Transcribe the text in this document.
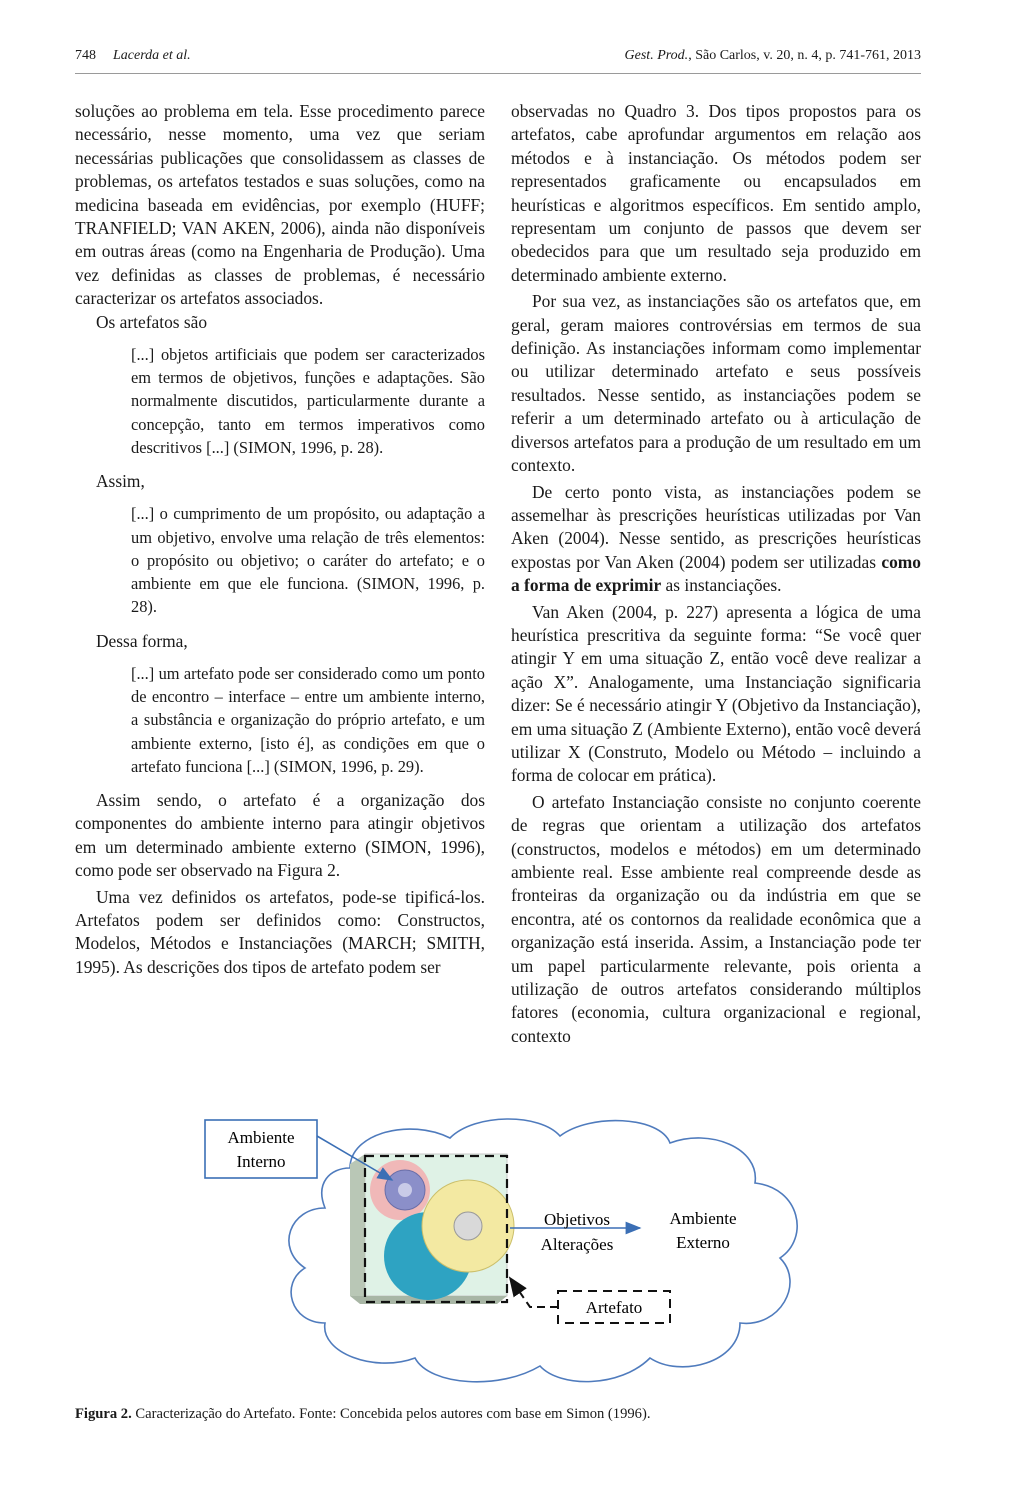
748 Lacerda et al.	Gest. Prod., São Carlos, v. 20, n. 4, p. 741-761, 2013

soluções ao problema em tela. Esse procedimento parece necessário, nesse momento, uma vez que seriam necessárias publicações que consolidassem as classes de problemas, os artefatos testados e suas soluções, como na medicina baseada em evidências, por exemplo (HUFF; TRANFIELD; VAN AKEN, 2006), ainda não disponíveis em outras áreas (como na Engenharia de Produção). Uma vez definidas as classes de problemas, é necessário caracterizar os artefatos associados.

Os artefatos são

[...] objetos artificiais que podem ser caracterizados em termos de objetivos, funções e adaptações. São normalmente discutidos, particularmente durante a concepção, tanto em termos imperativos como descritivos [...] (SIMON, 1996, p. 28).

Assim,

[...] o cumprimento de um propósito, ou adaptação a um objetivo, envolve uma relação de três elementos: o propósito ou objetivo; o caráter do artefato; e o ambiente em que ele funciona. (SIMON, 1996, p. 28).

Dessa forma,

[...] um artefato pode ser considerado como um ponto de encontro – interface – entre um ambiente interno, a substância e organização do próprio artefato, e um ambiente externo, [isto é], as condições em que o artefato funciona [...] (SIMON, 1996, p. 29).

Assim sendo, o artefato é a organização dos componentes do ambiente interno para atingir objetivos em um determinado ambiente externo (SIMON, 1996), como pode ser observado na Figura 2.

Uma vez definidos os artefatos, pode-se tipificá-los. Artefatos podem ser definidos como: Constructos, Modelos, Métodos e Instanciações (MARCH; SMITH, 1995). As descrições dos tipos de artefato podem ser

observadas no Quadro 3. Dos tipos propostos para os artefatos, cabe aprofundar argumentos em relação aos métodos e à instanciação. Os métodos podem ser representados graficamente ou encapsulados em heurísticas e algoritmos específicos. Em sentido amplo, representam um conjunto de passos que devem ser obedecidos para que um resultado seja produzido em determinado ambiente externo.

Por sua vez, as instanciações são os artefatos que, em geral, geram maiores controvérsias em termos de sua definição. As instanciações informam como implementar ou utilizar determinado artefato e seus possíveis resultados. Nesse sentido, as instanciações podem se referir a um determinado artefato ou à articulação de diversos artefatos para a produção de um resultado em um contexto.

De certo ponto vista, as instanciações podem se assemelhar às prescrições heurísticas utilizadas por Van Aken (2004). Nesse sentido, as prescrições heurísticas expostas por Van Aken (2004) podem ser utilizadas como a forma de exprimir as instanciações.

Van Aken (2004, p. 227) apresenta a lógica de uma heurística prescritiva da seguinte forma: “Se você quer atingir Y em uma situação Z, então você deve realizar a ação X”. Analogamente, uma Instanciação significaria dizer: Se é necessário atingir Y (Objetivo da Instanciação), em uma situação Z (Ambiente Externo), então você deverá utilizar X (Construto, Modelo ou Método – incluindo a forma de colocar em prática).

O artefato Instanciação consiste no conjunto coerente de regras que orientam a utilização dos artefatos (constructos, modelos e métodos) em um determinado ambiente real. Esse ambiente real compreende desde as fronteiras da organização ou da indústria em que se encontra, até os contornos da realidade econômica que a organização está inserida. Assim, a Instanciação pode ter um papel particularmente relevante, pois orienta a utilização de outros artefatos considerando múltiplos fatores (economia, cultura organizacional e regional, contexto

Ambiente
Interno
Objetivos
Alterações
Ambiente
Externo
Artefato
Figura 2. Caracterização do Artefato. Fonte: Concebida pelos autores com base em Simon (1996).
